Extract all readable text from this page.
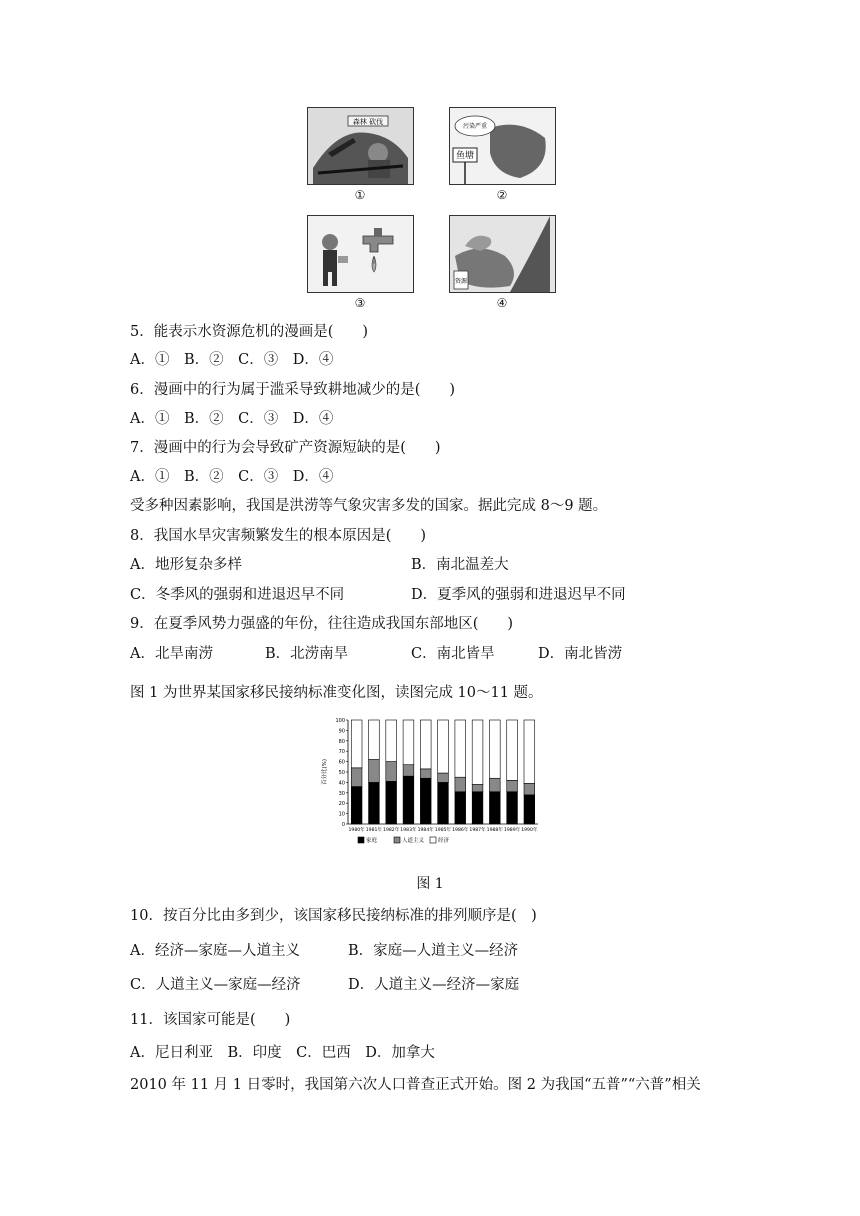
森林 砍伐
①
污染严重
鱼塘
②
③
资源
④
5．能表示水资源危机的漫画是(　　)
A．①　B．②　C．③　D．④
6．漫画中的行为属于滥采导致耕地减少的是(　　)
A．①　B．②　C．③　D．④
7．漫画中的行为会导致矿产资源短缺的是(　　)
A．①　B．②　C．③　D．④
受多种因素影响，我国是洪涝等气象灾害多发的国家。据此完成 8～9 题。
8．我国水旱灾害频繁发生的根本原因是(　　)
A．地形复杂多样	B．南北温差大
C．冬季风的强弱和进退迟早不同	D．夏季风的强弱和进退迟早不同
9．在夏季风势力强盛的年份，往往造成我国东部地区(　　)
A．北旱南涝	B．北涝南旱	C．南北皆旱	D．南北皆涝
图 1 为世界某国家移民接纳标准变化图，读图完成 10～11 题。
0
10
20
30
40
50
60
70
80
90
100
百分比(%)
1980年 1981年 1982年 1983年 1984年 1985年 1986年 1987年 1988年 1989年 1990年
家庭	人道主义	经济
图 1
10．按百分比由多到少，该国家移民接纳标准的排列顺序是(　)
A．经济—家庭—人道主义	B．家庭—人道主义—经济
C．人道主义—家庭—经济	D．人道主义—经济—家庭
11．该国家可能是(　　)
A．尼日利亚　B．印度　C．巴西　D．加拿大
2010 年 11 月 1 日零时，我国第六次人口普查正式开始。图 2 为我国“五普”“六普”相关
